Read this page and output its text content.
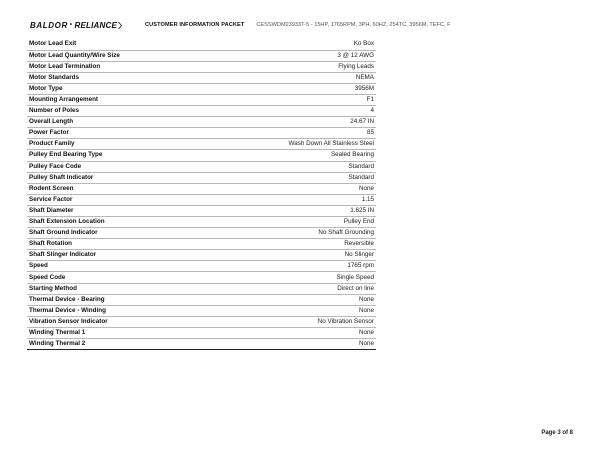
BALDOR • RELIANCE	CUSTOMER INFORMATION PACKET CESSWDM23933T-5 - 15HP, 1765RPM, 3PH, 60HZ, 254TC, 3956M, TEFC, F
Motor Lead Exit	Ko Box
Motor Lead Quantity/Wire Size	3 @ 12 AWG
Motor Lead Termination	Flying Leads
Motor Standards	NEMA
Motor Type	3956M
Mounting Arrangement	F1
Number of Poles	4
Overall Length	24.67 IN
Power Factor	85
Product Family	Wash Down All Stainless Steel
Pulley End Bearing Type	Sealed Bearing
Pulley Face Code	Standard
Pulley Shaft Indicator	Standard
Rodent Screen	None
Service Factor	1.15
Shaft Diameter	1.625 IN
Shaft Extension Location	Pulley End
Shaft Ground Indicator	No Shaft Grounding
Shaft Rotation	Reversible
Shaft Slinger Indicator	No Slinger
Speed	1765 rpm
Speed Code	Single Speed
Starting Method	Direct on line
Thermal Device - Bearing	None
Thermal Device - Winding	None
Vibration Sensor Indicator	No Vibration Sensor
Winding Thermal 1	None
Winding Thermal 2	None
Page 3 of 8
